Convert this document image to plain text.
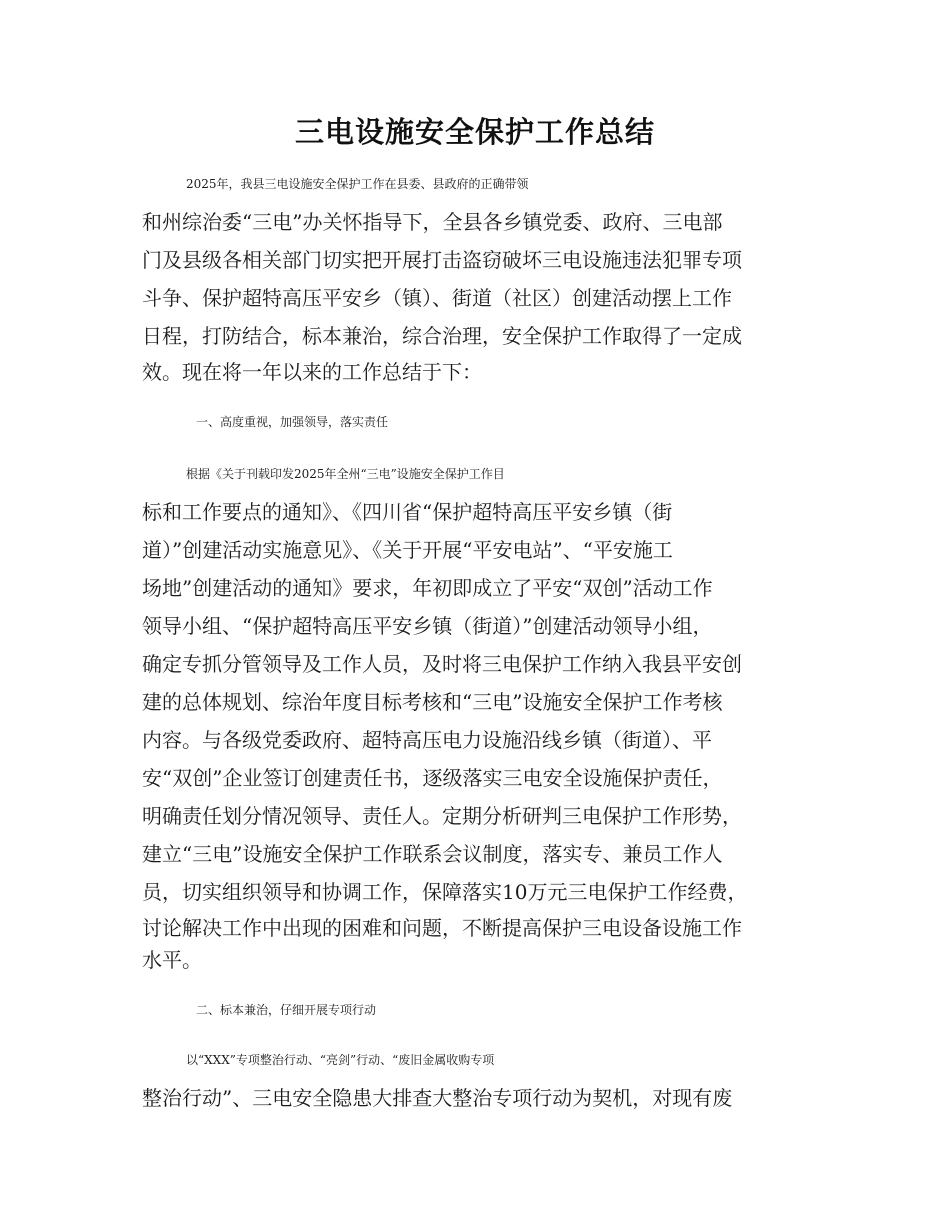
三电设施安全保护工作总结
2025年，我县三电设施安全保护工作在县委、县政府的正确带领
和州综治委“三电”办关怀指导下，全县各乡镇党委、政府、三电部
门及县级各相关部门切实把开展打击盗窃破坏三电设施违法犯罪专项
斗争、保护超特高压平安乡（镇）、街道（社区）创建活动摆上工作
日程，打防结合，标本兼治，综合治理，安全保护工作取得了一定成
效。现在将一年以来的工作总结于下：
一、高度重视，加强领导，落实责任
根据《关于刊载印发2025年全州“三电”设施安全保护工作目
标和工作要点的通知》、《四川省“保护超特高压平安乡镇（街
道）”创建活动实施意见》、《关于开展“平安电站”、“平安施工
场地”创建活动的通知》要求，年初即成立了平安“双创”活动工作
领导小组、“保护超特高压平安乡镇（街道）”创建活动领导小组，
确定专抓分管领导及工作人员，及时将三电保护工作纳入我县平安创
建的总体规划、综治年度目标考核和“三电”设施安全保护工作考核
内容。与各级党委政府、超特高压电力设施沿线乡镇（街道）、平
安“双创”企业签订创建责任书，逐级落实三电安全设施保护责任，
明确责任划分情况领导、责任人。定期分析研判三电保护工作形势，
建立“三电”设施安全保护工作联系会议制度，落实专、兼员工作人
员，切实组织领导和协调工作，保障落实10万元三电保护工作经费，
讨论解决工作中出现的困难和问题，不断提高保护三电设备设施工作
水平。
二、标本兼治，仔细开展专项行动
以“XXX”专项整治行动、“亮剑”行动、“废旧金属收购专项
整治行动”、三电安全隐患大排查大整治专项行动为契机，对现有废
